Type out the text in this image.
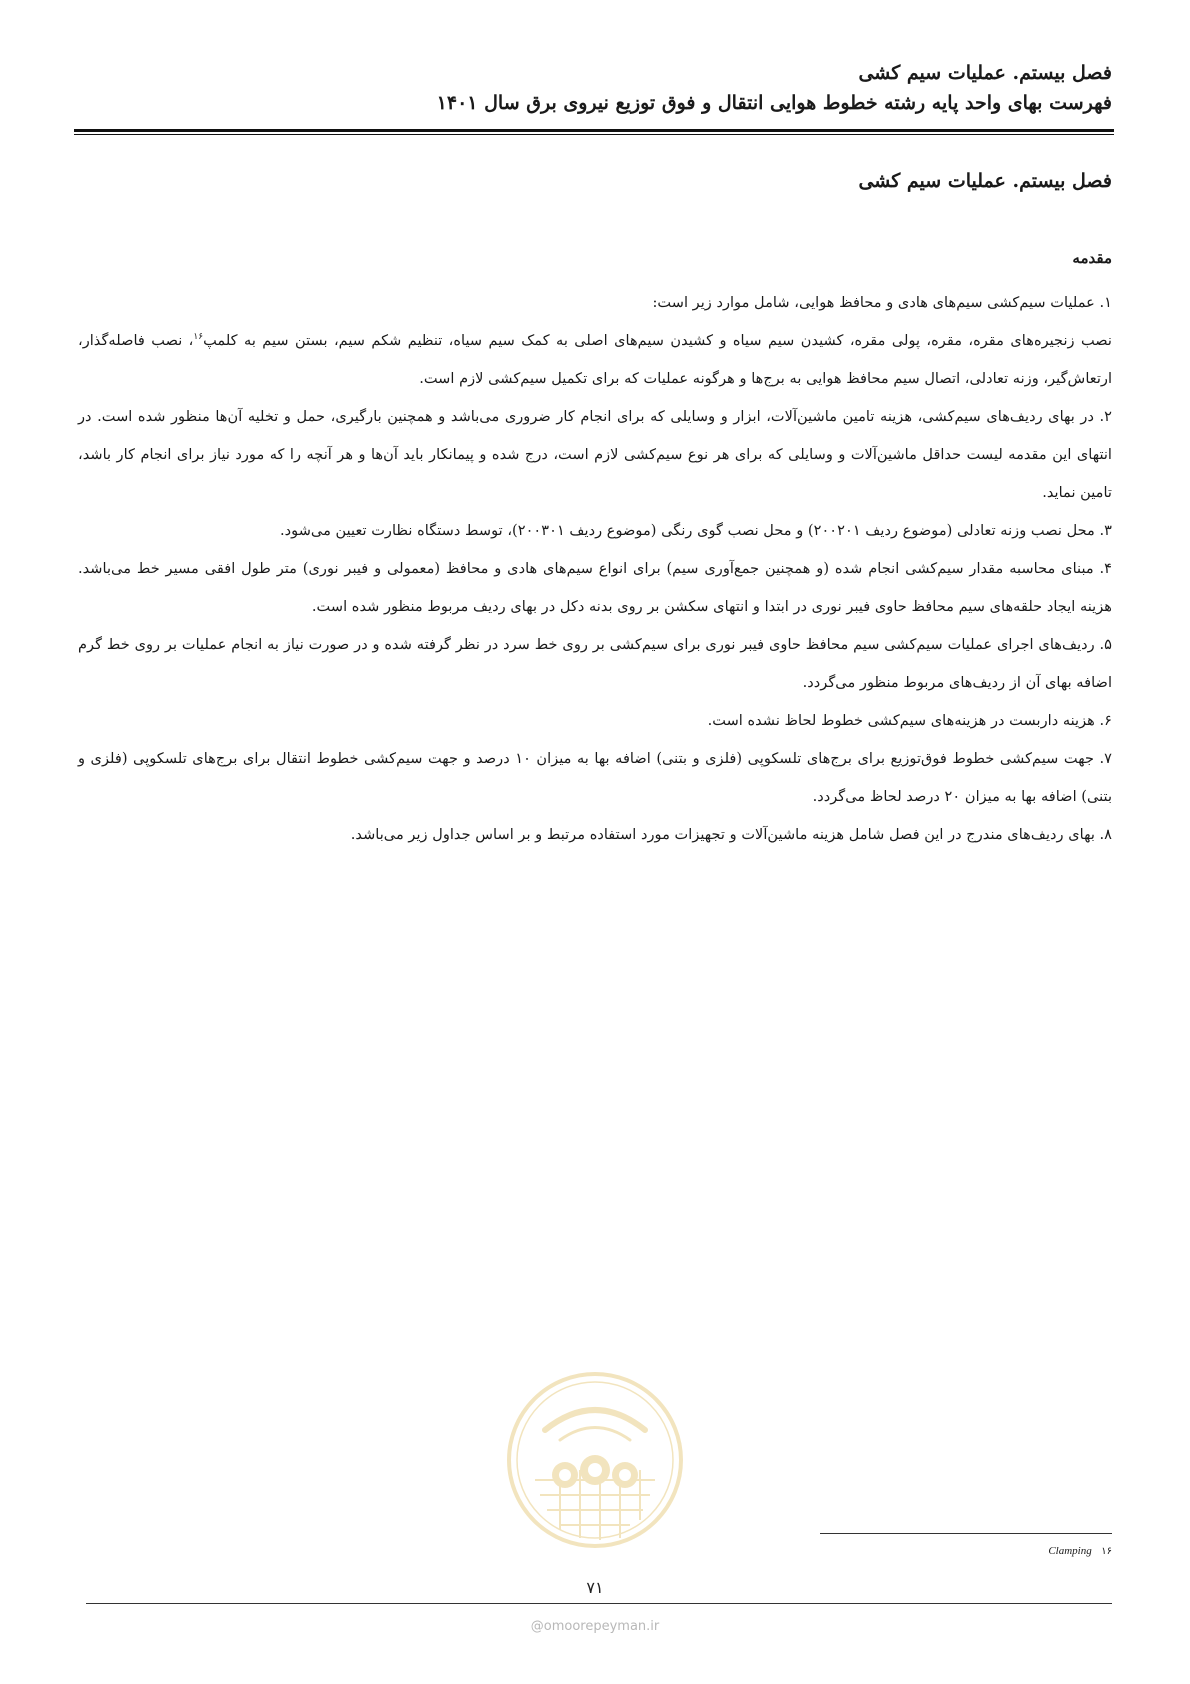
فصل بیستم. عملیات سیم کشی
فهرست بهای واحد پایه رشته خطوط هوایی انتقال و فوق توزیع نیروی برق سال ۱۴۰۱
فصل بیستم. عملیات سیم کشی
مقدمه

۱. عملیات سیم‌کشی سیم‌های هادی و محافظ هوایی، شامل موارد زیر است:

نصب زنجیره‌های مقره، مقره، پولی مقره، کشیدن سیم سیاه و کشیدن سیم‌های اصلی به کمک سیم سیاه، تنظیم شکم سیم، بستن سیم به کلمپ$^{۱۶}$، نصب فاصله‌گذار، ارتعاش‌گیر، وزنه تعادلی، اتصال سیم محافظ هوایی به برج‌ها و هرگونه عملیات که برای تکمیل سیم‌کشی لازم است.

۲. در بهای ردیف‌های سیم‌کشی، هزینه تامین ماشین‌آلات، ابزار و وسایلی که برای انجام کار ضروری می‌باشد و همچنین بارگیری، حمل و تخلیه آن‌ها منظور شده است. در انتهای این مقدمه لیست حداقل ماشین‌آلات و وسایلی که برای هر نوع سیم‌کشی لازم است، درج شده و پیمانکار باید آن‌ها و هر آنچه را که مورد نیاز برای انجام کار باشد، تامین نماید.

۳. محل نصب وزنه تعادلی (موضوع ردیف ۲۰۰۲۰۱) و محل نصب گوی رنگی (موضوع ردیف ۲۰۰۳۰۱)، توسط دستگاه نظارت تعیین می‌شود.

۴. مبنای محاسبه مقدار سیم‌کشی انجام شده (و همچنین جمع‌آوری سیم) برای انواع سیم‌های هادی و محافظ (معمولی و فیبر نوری) متر طول افقی مسیر خط می‌باشد. هزینه ایجاد حلقه‌های سیم محافظ حاوی فیبر نوری در ابتدا و انتهای سکشن بر روی بدنه دکل در بهای ردیف مربوط منظور شده است.

۵. ردیف‌های اجرای عملیات سیم‌کشی سیم محافظ حاوی فیبر نوری برای سیم‌کشی بر روی خط سرد در نظر گرفته شده و در صورت نیاز به انجام عملیات بر روی خط گرم اضافه بهای آن از ردیف‌های مربوط منظور می‌گردد.

۶. هزینه داربست در هزینه‌های سیم‌کشی خطوط لحاظ نشده است.

۷. جهت سیم‌کشی خطوط فوق‌توزیع برای برج‌های تلسکوپی (فلزی و بتنی) اضافه بها به میزان ۱۰ درصد و جهت سیم‌کشی خطوط انتقال برای برج‌های تلسکوپی (فلزی و بتنی) اضافه بها به میزان ۲۰ درصد لحاظ می‌گردد.

۸. بهای ردیف‌های مندرج در این فصل شامل هزینه ماشین‌آلات و تجهیزات مورد استفاده مرتبط و بر اساس جداول زیر می‌باشد.

۱۶ Clamping
۷۱
@omoorepeyman.ir
